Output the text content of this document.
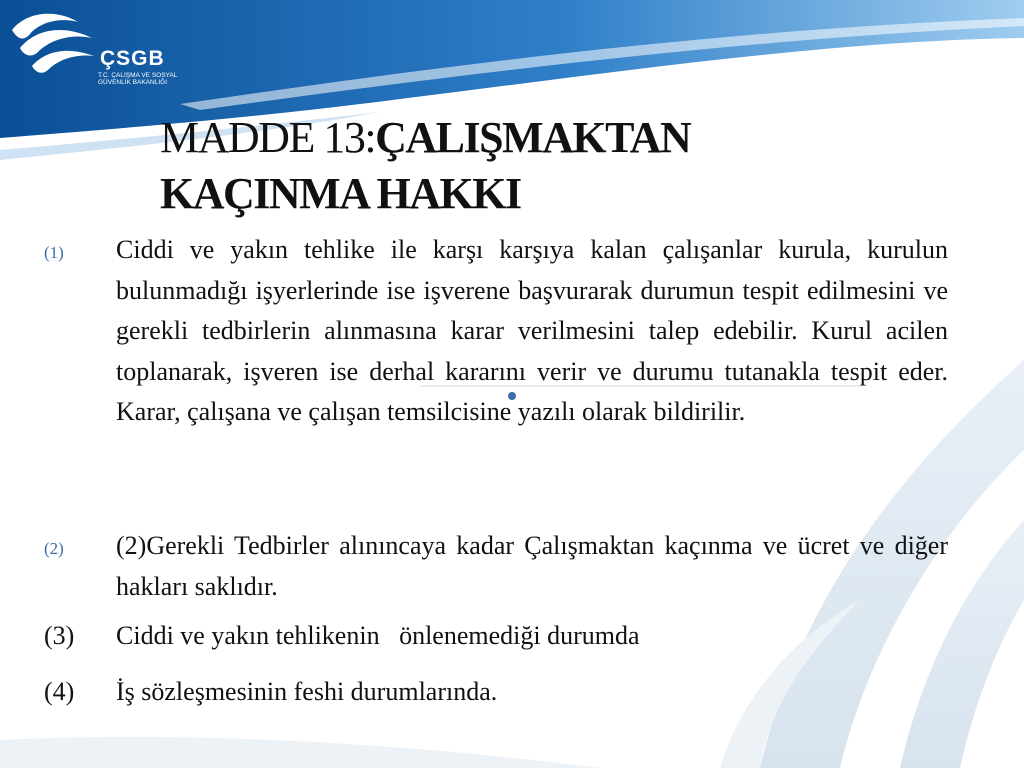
ÇSGB
T.C. ÇALIŞMA VE SOSYAL GÜVENLİK BAKANLIĞI
MADDE 13:ÇALIŞMAKTAN
KAÇINMA HAKKI
(1)	Ciddi ve yakın tehlike ile karşı karşıya kalan çalışanlar kurula, kurulun bulunmadığı işyerlerinde ise işverene başvurarak durumun tespit edilmesini ve gerekli tedbirlerin alınmasına karar verilmesini talep edebilir. Kurul acilen toplanarak, işveren ise derhal kararını verir ve durumu tutanakla tespit eder. Karar, çalışana ve çalışan temsilcisine yazılı olarak bildirilir.
(2)	(2)Gerekli Tedbirler alınıncaya kadar Çalışmaktan kaçınma ve ücret ve diğer hakları saklıdır.
(3)	Ciddi ve yakın tehlikenin   önlenemediği durumda
(4)	İş sözleşmesinin feshi durumlarında.
